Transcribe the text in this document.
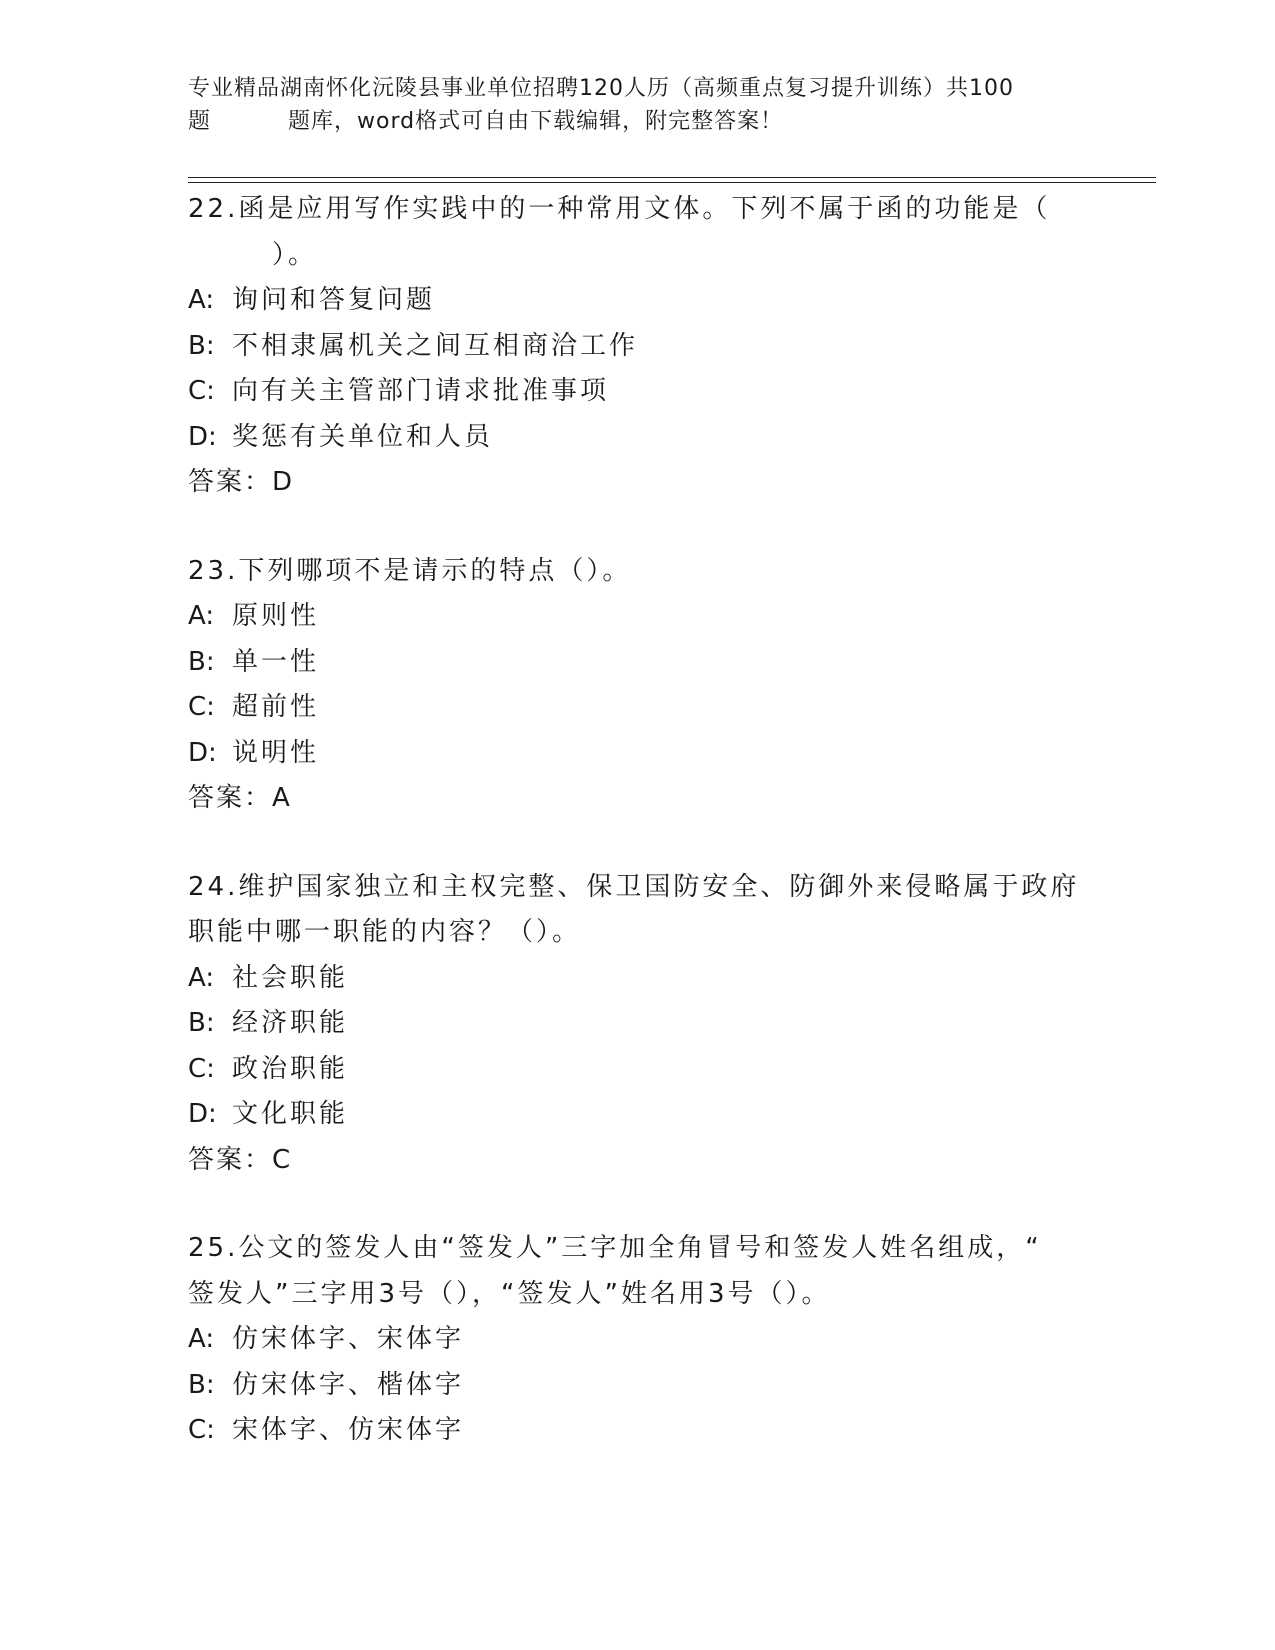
专业精品湖南怀化沅陵县事业单位招聘120人历（高频重点复习提升训练）共100
题	题库，word格式可自由下载编辑，附完整答案！
22.函是应用写作实践中的一种常用文体。下列不属于函的功能是（
）。
A: 询问和答复问题
B: 不相隶属机关之间互相商洽工作
C: 向有关主管部门请求批准事项
D: 奖惩有关单位和人员
答案：D
23.下列哪项不是请示的特点（）。
A: 原则性
B: 单一性
C: 超前性
D: 说明性
答案：A
24.维护国家独立和主权完整、保卫国防安全、防御外来侵略属于政府
职能中哪一职能的内容？（）。
A: 社会职能
B: 经济职能
C: 政治职能
D: 文化职能
答案：C
25.公文的签发人由“签发人”三字加全角冒号和签发人姓名组成，“
签发人”三字用3号（），“签发人”姓名用3号（）。
A: 仿宋体字、宋体字
B: 仿宋体字、楷体字
C: 宋体字、仿宋体字
